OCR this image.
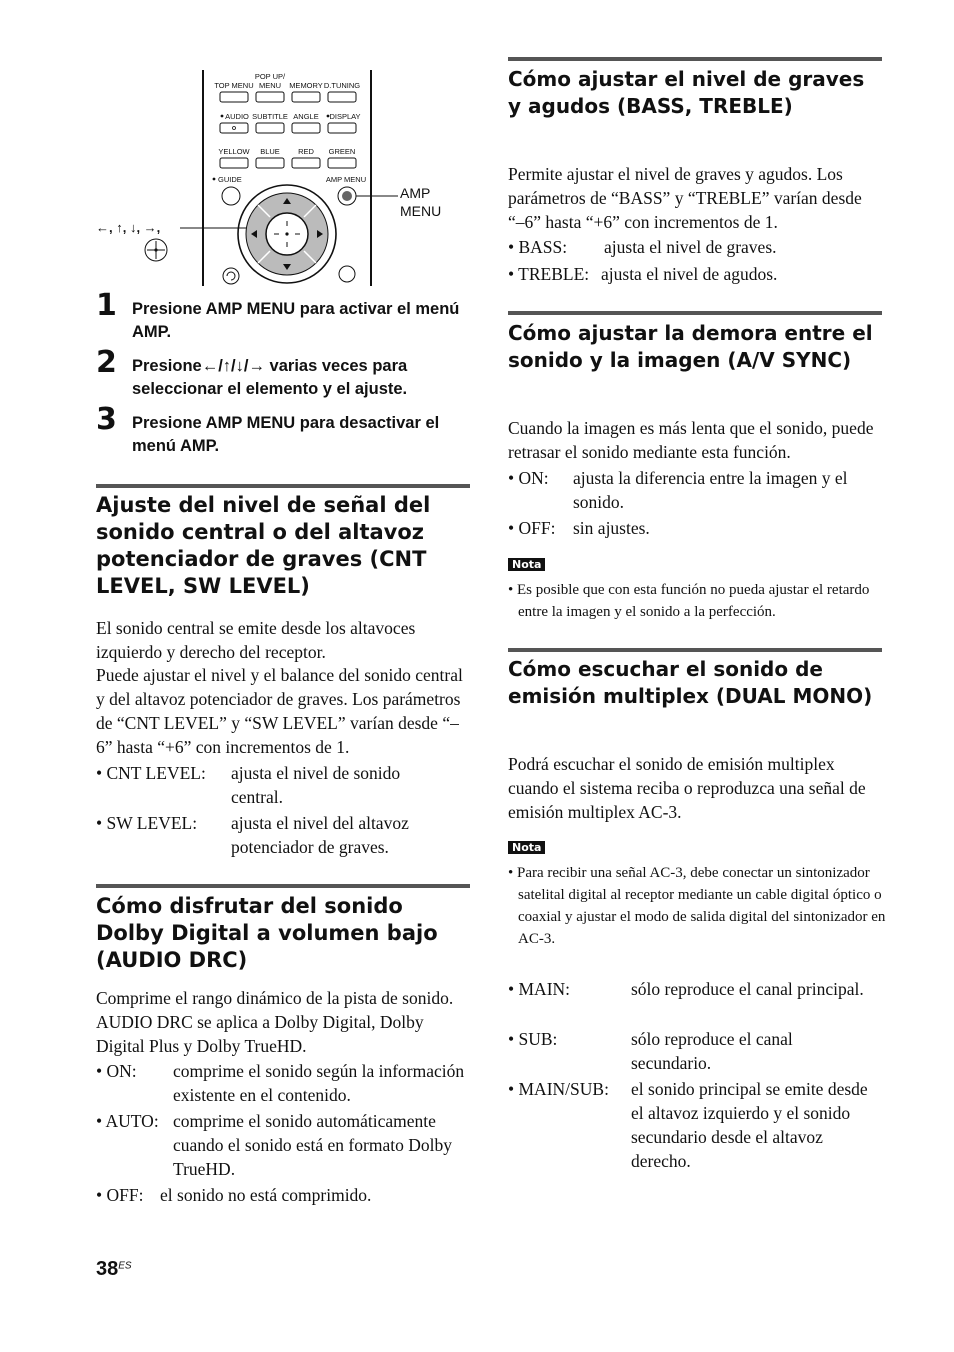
TOP MENU
POP UP/
MENU MEMORY D.TUNING
AUDIO SUBTITLE ANGLE DISPLAY
YELLOW BLUE RED GREEN
GUIDE	AMP MENU
AMP
MENU
←, ↑, ↓, →,
1 Presione AMP MENU para activar el menú AMP.
2 Presione←/↑/↓/→ varias veces para seleccionar el elemento y el ajuste.
3 Presione AMP MENU para desactivar el menú AMP.
Ajuste del nivel de señal del sonido central o del altavoz potenciador de graves (CNT LEVEL, SW LEVEL)
El sonido central se emite desde los altavoces izquierdo y derecho del receptor.
Puede ajustar el nivel y el balance del sonido central y del altavoz potenciador de graves. Los parámetros de “CNT LEVEL” y “SW LEVEL” varían desde “–6” hasta “+6” con incrementos de 1.
• CNT LEVEL: ajusta el nivel de sonido central.
• SW LEVEL: ajusta el nivel del altavoz potenciador de graves.
Cómo disfrutar del sonido Dolby Digital a volumen bajo (AUDIO DRC)
Comprime el rango dinámico de la pista de sonido. AUDIO DRC se aplica a Dolby Digital, Dolby Digital Plus y Dolby TrueHD.
• ON: comprime el sonido según la información existente en el contenido.
• AUTO: comprime el sonido automáticamente cuando el sonido está en formato Dolby TrueHD.
• OFF: el sonido no está comprimido.
Cómo ajustar el nivel de graves y agudos (BASS, TREBLE)
Permite ajustar el nivel de graves y agudos. Los parámetros de “BASS” y “TREBLE” varían desde “–6” hasta “+6” con incrementos de 1.
• BASS: ajusta el nivel de graves.
• TREBLE: ajusta el nivel de agudos.
Cómo ajustar la demora entre el sonido y la imagen (A/V SYNC)
Cuando la imagen es más lenta que el sonido, puede retrasar el sonido mediante esta función.
• ON: ajusta la diferencia entre la imagen y el sonido.
• OFF: sin ajustes.
Nota
• Es posible que con esta función no pueda ajustar el retardo entre la imagen y el sonido a la perfección.
Cómo escuchar el sonido de emisión multiplex (DUAL MONO)
Podrá escuchar el sonido de emisión multiplex cuando el sistema reciba o reproduzca una señal de emisión multiplex AC-3.
Nota
• Para recibir una señal AC-3, debe conectar un sintonizador satelital digital al receptor mediante un cable digital óptico o coaxial y ajustar el modo de salida digital del sintonizador en AC-3.
• MAIN:	sólo reproduce el canal principal.
• SUB:	sólo reproduce el canal secundario.
• MAIN/SUB: el sonido principal se emite desde el altavoz izquierdo y el sonido secundario desde el altavoz derecho.
$38^{ES}$
